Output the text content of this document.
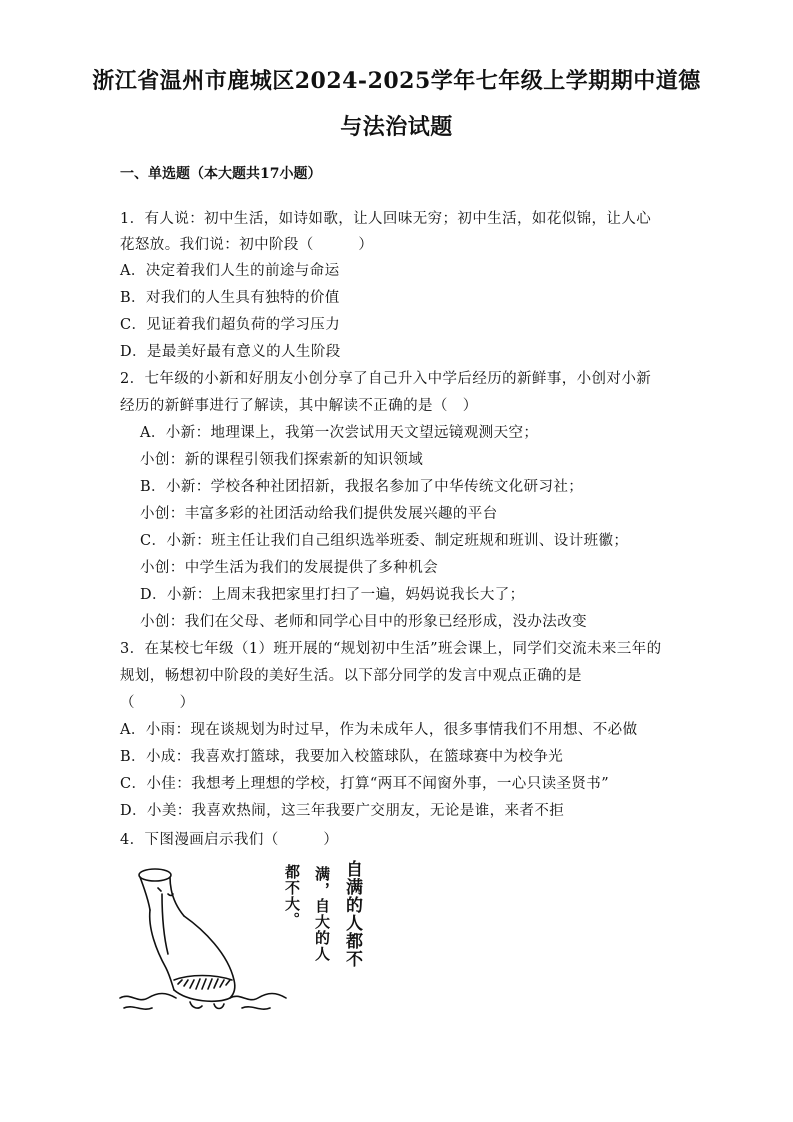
浙江省温州市鹿城区2024-2025学年七年级上学期期中道德
与法治试题
一、单选题（本大题共17小题）
1．有人说：初中生活，如诗如歌，让人回味无穷；初中生活，如花似锦，让人心
花怒放。我们说：初中阶段（　　　）
A．决定着我们人生的前途与命运
B．对我们的人生具有独特的价值
C．见证着我们超负荷的学习压力
D．是最美好最有意义的人生阶段
2．七年级的小新和好朋友小创分享了自己升入中学后经历的新鲜事，小创对小新
经历的新鲜事进行了解读，其中解读不正确的是（　）
A．小新：地理课上，我第一次尝试用天文望远镜观测天空；
小创：新的课程引领我们探索新的知识领域
B．小新：学校各种社团招新，我报名参加了中华传统文化研习社；
小创：丰富多彩的社团活动给我们提供发展兴趣的平台
C．小新：班主任让我们自己组织选举班委、制定班规和班训、设计班徽；
小创：中学生活为我们的发展提供了多种机会
D．小新：上周末我把家里打扫了一遍，妈妈说我长大了；
小创：我们在父母、老师和同学心目中的形象已经形成，没办法改变
3．在某校七年级（1）班开展的“规划初中生活”班会课上，同学们交流未来三年的
规划，畅想初中阶段的美好生活。以下部分同学的发言中观点正确的是
（　　　）
A．小雨：现在谈规划为时过早，作为未成年人，很多事情我们不用想、不必做
B．小成：我喜欢打篮球，我要加入校篮球队，在篮球赛中为校争光
C．小佳：我想考上理想的学校，打算“两耳不闻窗外事，一心只读圣贤书”
D．小美：我喜欢热闹，这三年我要广交朋友，无论是谁，来者不拒
4．下图漫画启示我们（　　　）
自满的人都不
满，自大的人
都不大。
